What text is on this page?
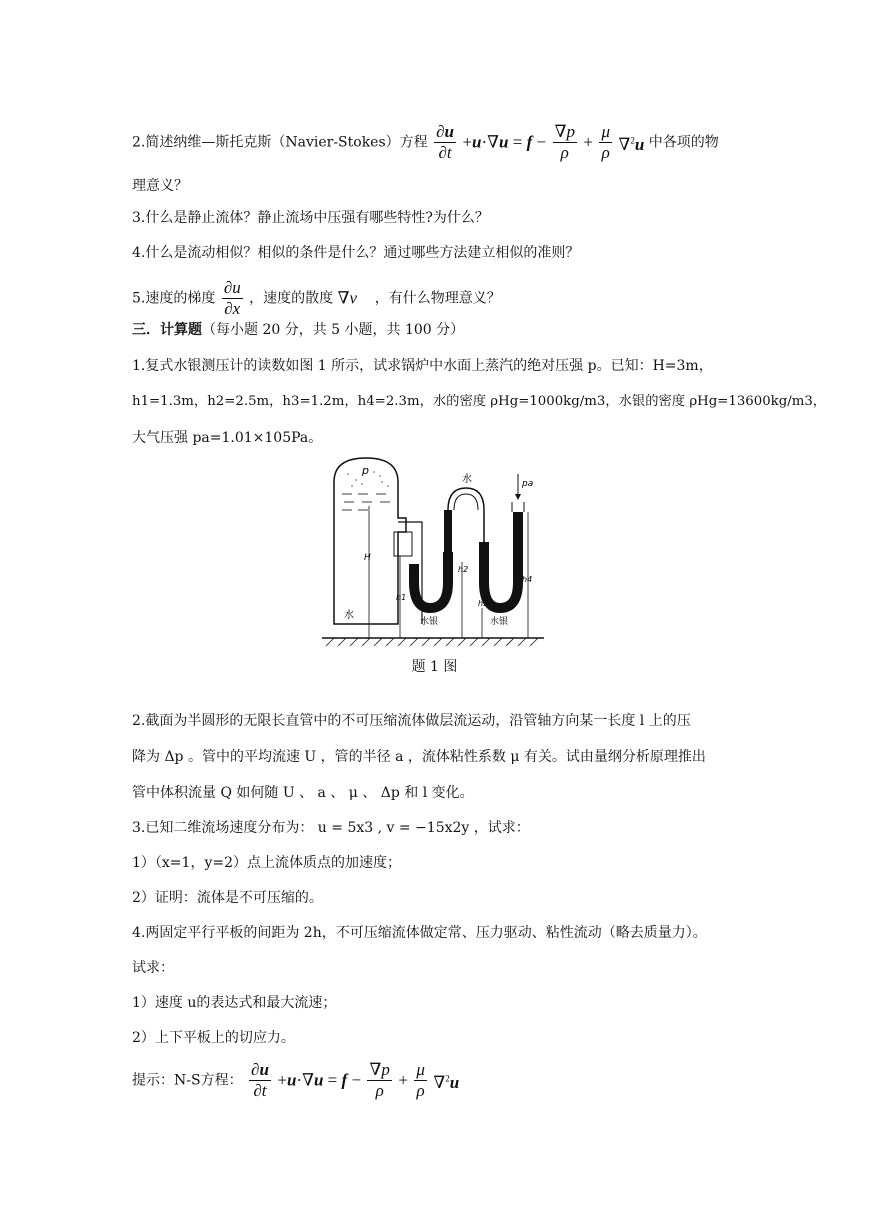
2.简述纳维—斯托克斯（Navier-Stokes）方程 $\frac{\partial u}{\partial t} +u\cdot\nabla u = f - \frac{\nabla p}{\rho} + \frac{\mu}{\rho} \nabla^2u$ 中各项的物
理意义？
3.什么是静止流体？静止流场中压强有哪些特性?为什么？
4.什么是流动相似？相似的条件是什么？通过哪些方法建立相似的准则？
5.速度的梯度 $\frac{\partial u}{\partial x}$ ，速度的散度 ∇v⃗ ，有什么物理意义？
三．计算题（每小题 20 分，共 5 小题，共 100 分）
1.复式水银测压计的读数如图 1 所示，试求锅炉中水面上蒸汽的绝对压强 p。已知：H=3m，
h1=1.3m，h2=2.5m，h3=1.2m，h4=2.3m，水的密度 ρHg=1000kg/m3，水银的密度 ρHg=13600kg/m3，
大气压强 pa=1.01×105Pa。
p
水
H
h1
水银
水
h2
h3
水银
pa
h4
题 1 图
2.截面为半圆形的无限长直管中的不可压缩流体做层流运动，沿管轴方向某一长度 l 上的压
降为 Δp 。管中的平均流速 U ，管的半径 a ，流体粘性系数 μ 有关。试由量纲分析原理推出
管中体积流量 Q 如何随 U 、 a 、 μ 、 Δp 和 l 变化。
3.已知二维流场速度分布为： u = 5x3 , v = −15x2y ，试求：
1）（x=1，y=2）点上流体质点的加速度；
2）证明：流体是不可压缩的。
4.两固定平行平板的间距为 2h，不可压缩流体做定常、压力驱动、粘性流动（略去质量力）。
试求：
1）速度 u的表达式和最大流速；
2）上下平板上的切应力。
提示：N-S方程： $\frac{\partial u}{\partial t} +u\cdot\nabla u = f - \frac{\nabla p}{\rho} + \frac{\mu}{\rho} \nabla^2u$
